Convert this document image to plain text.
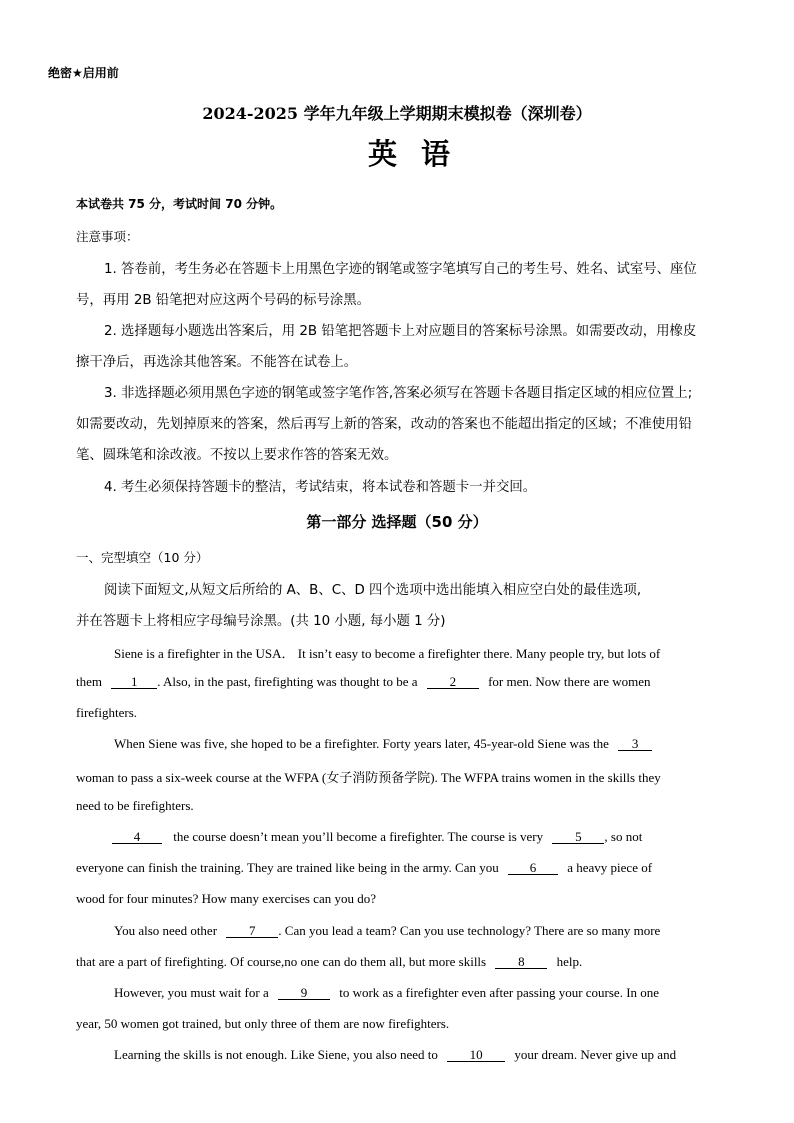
绝密★启用前
2024-2025 学年九年级上学期期末模拟卷（深圳卷）
英语
本试卷共 75 分，考试时间 70 分钟。
注意事项：
1. 答卷前，考生务必在答题卡上用黑色字迹的钢笔或签字笔填写自己的考生号、姓名、试室号、座位
号，再用 2B 铅笔把对应这两个号码的标号涂黑。
2. 选择题每小题选出答案后，用 2B 铅笔把答题卡上对应题目的答案标号涂黑。如需要改动，用橡皮
擦干净后，再选涂其他答案。不能答在试卷上。
3. 非选择题必须用黑色字迹的钢笔或签字笔作答,答案必须写在答题卡各题目指定区域的相应位置上;
如需要改动，先划掉原来的答案，然后再写上新的答案，改动的答案也不能超出指定的区域；不准使用铅
笔、圆珠笔和涂改液。不按以上要求作答的答案无效。
4. 考生必须保持答题卡的整洁，考试结束，将本试卷和答题卡一并交回。
第一部分 选择题（50 分）
一、完型填空（10 分）
阅读下面短文,从短文后所给的 A、B、C、D 四个选项中选出能填入相应空白处的最佳选项,
并在答题卡上将相应字母编号涂黑。(共 10 小题, 每小题 1 分)
Siene is a firefighter in the USA． It isn’t easy to become a firefighter there. Many people try, but lots of
them 1 . Also, in the past, firefighting was thought to be a 2 for men. Now there are women
firefighters.
When Siene was five, she hoped to be a firefighter. Forty years later, 45-year-old Siene was the 3
woman to pass a six-week course at the WFPA (女子消防预备学院). The WFPA trains women in the skills they
need to be firefighters.
4	the course doesn’t mean you’ll become a firefighter. The course is very 5 , so not
everyone can finish the training. They are trained like being in the army. Can you 6 a heavy piece of
wood for four minutes? How many exercises can you do?
You also need other 7 . Can you lead a team? Can you use technology? There are so many more
that are a part of firefighting. Of course,no one can do them all, but more skills 8 help.
However, you must wait for a 9 to work as a firefighter even after passing your course. In one
year, 50 women got trained, but only three of them are now firefighters.
Learning the skills is not enough. Like Siene, you also need to 10 your dream. Never give up and
